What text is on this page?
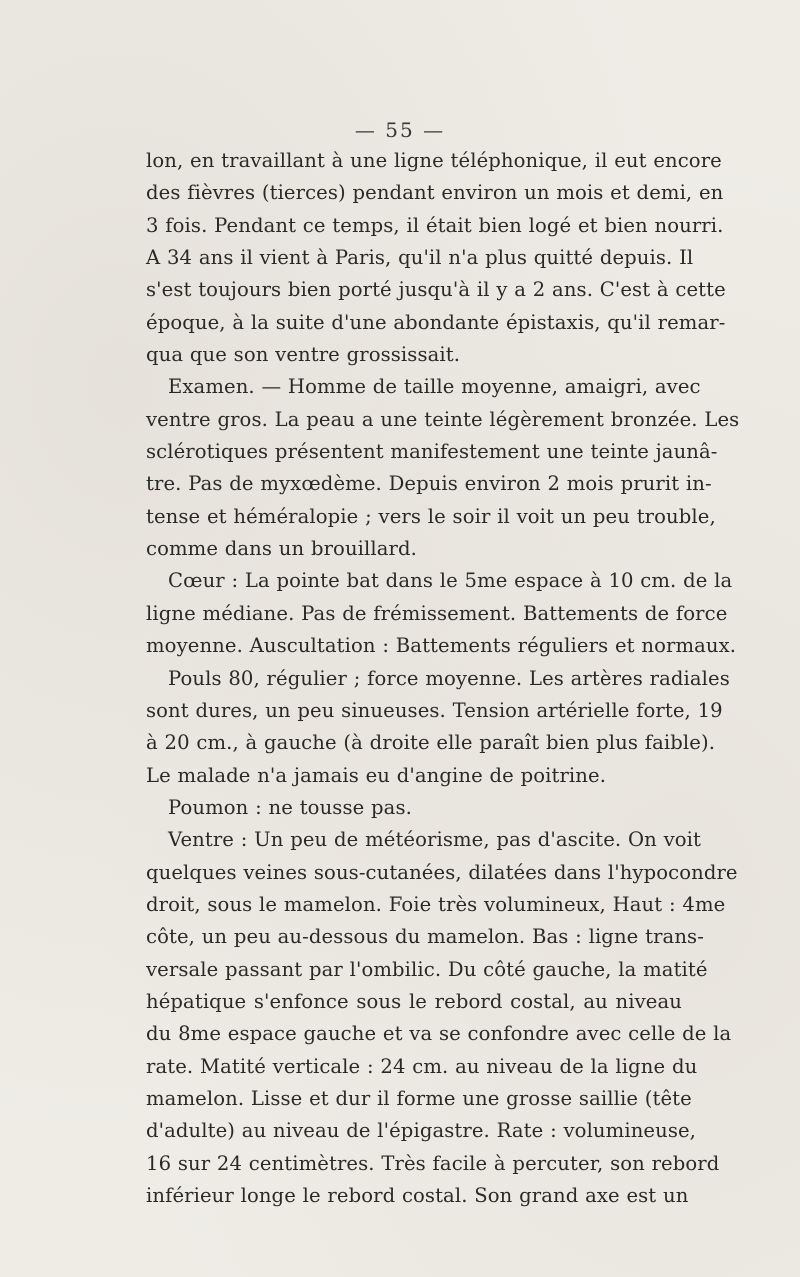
— 55 —
lon, en travaillant à une ligne téléphonique, il eut encore
des fièvres (tierces) pendant environ un mois et demi, en
3 fois. Pendant ce temps, il était bien logé et bien nourri.
A 34 ans il vient à Paris, qu'il n'a plus quitté depuis. Il
s'est toujours bien porté jusqu'à il y a 2 ans. C'est à cette
époque, à la suite d'une abondante épistaxis, qu'il remar-
qua que son ventre grossissait.
Examen. — Homme de taille moyenne, amaigri, avec
ventre gros. La peau a une teinte légèrement bronzée. Les
sclérotiques présentent manifestement une teinte jaunâ-
tre. Pas de myxœdème. Depuis environ 2 mois prurit in-
tense et héméralopie ; vers le soir il voit un peu trouble,
comme dans un brouillard.
Cœur : La pointe bat dans le 5me espace à 10 cm. de la
ligne médiane. Pas de frémissement. Battements de force
moyenne. Auscultation : Battements réguliers et normaux.
Pouls 80, régulier ; force moyenne. Les artères radiales
sont dures, un peu sinueuses. Tension artérielle forte, 19
à 20 cm., à gauche (à droite elle paraît bien plus faible).
Le malade n'a jamais eu d'angine de poitrine.
Poumon : ne tousse pas.
Ventre : Un peu de météorisme, pas d'ascite. On voit
quelques veines sous-cutanées, dilatées dans l'hypocondre
droit, sous le mamelon. Foie très volumineux, Haut : 4me
côte, un peu au-dessous du mamelon. Bas : ligne trans-
versale passant par l'ombilic. Du côté gauche, la matité
hépatique s'enfonce sous le rebord costal, au niveau
du 8me espace gauche et va se confondre avec celle de la
rate. Matité verticale : 24 cm. au niveau de la ligne du
mamelon. Lisse et dur il forme une grosse saillie (tête
d'adulte) au niveau de l'épigastre. Rate : volumineuse,
16 sur 24 centimètres. Très facile à percuter, son rebord
inférieur longe le rebord costal. Son grand axe est un
